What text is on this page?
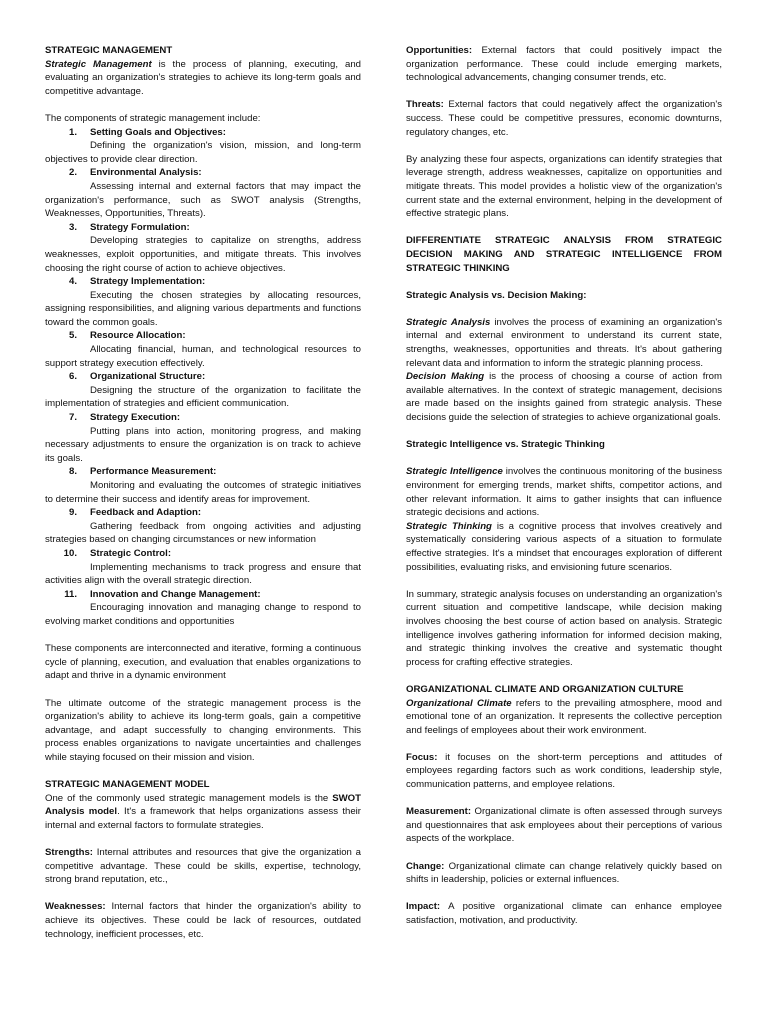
STRATEGIC MANAGEMENT

Strategic Management is the process of planning, executing, and evaluating an organization's strategies to achieve its long-term goals and competitive advantage.

The components of strategic management include:

1. Setting Goals and Objectives:

Defining the organization's vision, mission, and long-term objectives to provide clear direction.

2. Environmental Analysis:

Assessing internal and external factors that may impact the organization's performance, such as SWOT analysis (Strengths, Weaknesses, Opportunities, Threats).

3. Strategy Formulation:

Developing strategies to capitalize on strengths, address weaknesses, exploit opportunities, and mitigate threats. This involves choosing the right course of action to achieve objectives.

4. Strategy Implementation:

Executing the chosen strategies by allocating resources, assigning responsibilities, and aligning various departments and functions toward the common goals.

5. Resource Allocation:

Allocating financial, human, and technological resources to support strategy execution effectively.

6. Organizational Structure:

Designing the structure of the organization to facilitate the implementation of strategies and efficient communication.

7. Strategy Execution:

Putting plans into action, monitoring progress, and making necessary adjustments to ensure the organization is on track to achieve its goals.

8. Performance Measurement:

Monitoring and evaluating the outcomes of strategic initiatives to determine their success and identify areas for improvement.

9. Feedback and Adaption:

Gathering feedback from ongoing activities and adjusting strategies based on changing circumstances or new information

10. Strategic Control:

Implementing mechanisms to track progress and ensure that activities align with the overall strategic direction.

11. Innovation and Change Management:

Encouraging innovation and managing change to respond to evolving market conditions and opportunities

These components are interconnected and iterative, forming a continuous cycle of planning, execution, and evaluation that enables organizations to adapt and thrive in a dynamic environment

The ultimate outcome of the strategic management process is the organization's ability to achieve its long-term goals, gain a competitive advantage, and adapt successfully to changing environments. This process enables organizations to navigate uncertainties and challenges while staying focused on their mission and vision.

STRATEGIC MANAGEMENT MODEL

One of the commonly used strategic management models is the SWOT Analysis model. It's a framework that helps organizations assess their internal and external factors to formulate strategies.

Strengths: Internal attributes and resources that give the organization a competitive advantage. These could be skills, expertise, technology, strong brand reputation, etc.,

Weaknesses: Internal factors that hinder the organization's ability to achieve its objectives. These could be lack of resources, outdated technology, inefficient processes, etc.

Opportunities: External factors that could positively impact the organization performance. These could include emerging markets, technological advancements, changing consumer trends, etc.

Threats: External factors that could negatively affect the organization's success. These could be competitive pressures, economic downturns, regulatory changes, etc.

By analyzing these four aspects, organizations can identify strategies that leverage strength, address weaknesses, capitalize on opportunities and mitigate threats. This model provides a holistic view of the organization's current state and the external environment, helping in the development of effective strategic plans.

DIFFERENTIATE STRATEGIC ANALYSIS FROM STRATEGIC DECISION MAKING AND STRATEGIC INTELLIGENCE FROM STRATEGIC THINKING

Strategic Analysis vs. Decision Making:

Strategic Analysis involves the process of examining an organization's internal and external environment to understand its current state, strengths, weaknesses, opportunities and threats. It's about gathering relevant data and information to inform the strategic planning process.

Decision Making is the process of choosing a course of action from available alternatives. In the context of strategic management, decisions are made based on the insights gained from strategic analysis. These decisions guide the selection of strategies to achieve organizational goals.

Strategic Intelligence vs. Strategic Thinking

Strategic Intelligence involves the continuous monitoring of the business environment for emerging trends, market shifts, competitor actions, and other relevant information. It aims to gather insights that can influence strategic decisions and actions.

Strategic Thinking is a cognitive process that involves creatively and systematically considering various aspects of a situation to formulate effective strategies. It's a mindset that encourages exploration of different possibilities, evaluating risks, and envisioning future scenarios.

In summary, strategic analysis focuses on understanding an organization's current situation and competitive landscape, while decision making involves choosing the best course of action based on analysis. Strategic intelligence involves gathering information for informed decision making, and strategic thinking involves the creative and systematic thought process for crafting effective strategies.

ORGANIZATIONAL CLIMATE AND ORGANIZATION CULTURE

Organizational Climate refers to the prevailing atmosphere, mood and emotional tone of an organization. It represents the collective perception and feelings of employees about their work environment.

Focus: it focuses on the short-term perceptions and attitudes of employees regarding factors such as work conditions, leadership style, communication patterns, and employee relations.

Measurement: Organizational climate is often assessed through surveys and questionnaires that ask employees about their perceptions of various aspects of the workplace.

Change: Organizational climate can change relatively quickly based on shifts in leadership, policies or external influences.

Impact: A positive organizational climate can enhance employee satisfaction, motivation, and productivity.
